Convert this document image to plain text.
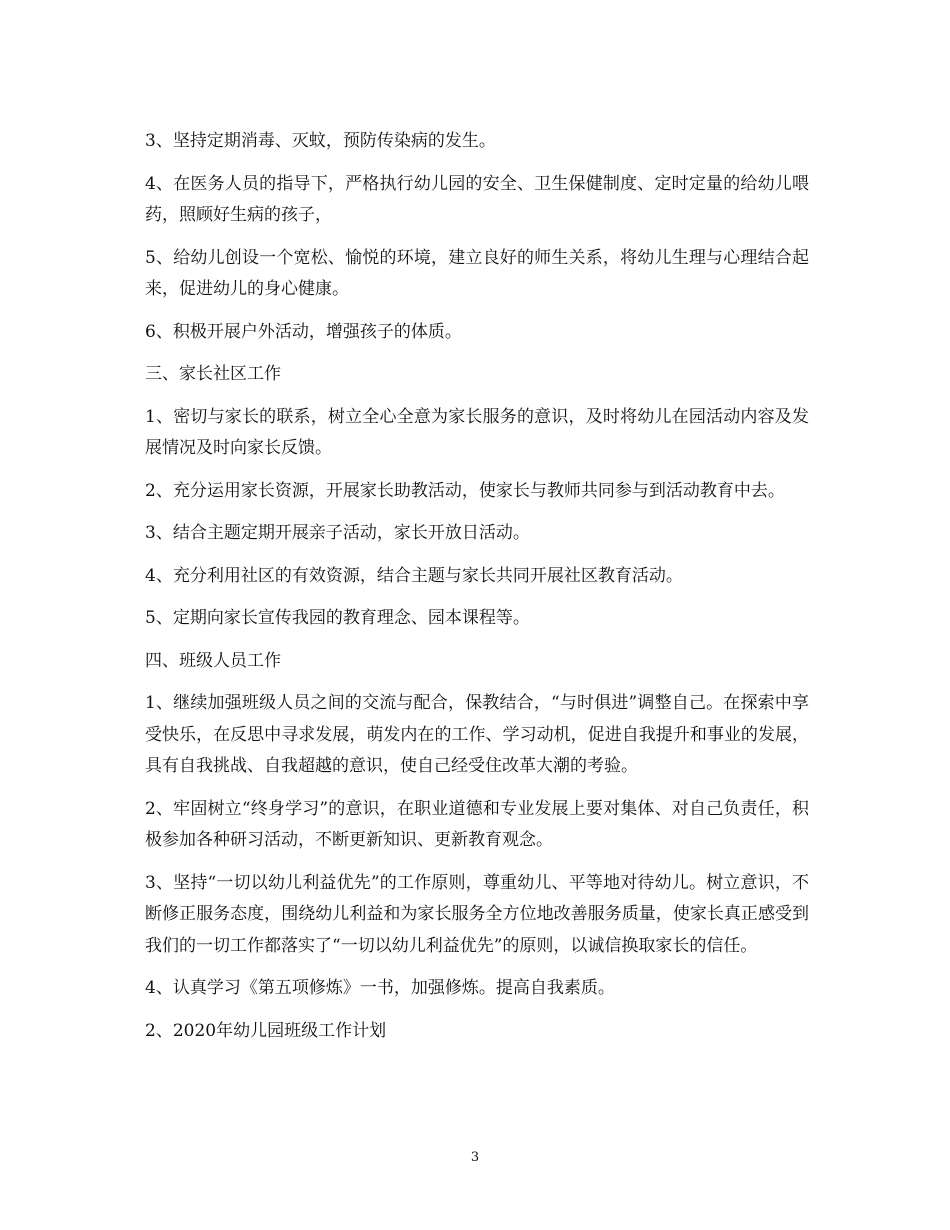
3、坚持定期消毒、灭蚊，预防传染病的发生。

4、在医务人员的指导下，严格执行幼儿园的安全、卫生保健制度、定时定量的给幼儿喂药，照顾好生病的孩子，

5、给幼儿创设一个宽松、愉悦的环境，建立良好的师生关系，将幼儿生理与心理结合起来，促进幼儿的身心健康。

6、积极开展户外活动，增强孩子的体质。

三、家长社区工作

1、密切与家长的联系，树立全心全意为家长服务的意识，及时将幼儿在园活动内容及发展情况及时向家长反馈。

2、充分运用家长资源，开展家长助教活动，使家长与教师共同参与到活动教育中去。

3、结合主题定期开展亲子活动，家长开放日活动。

4、充分利用社区的有效资源，结合主题与家长共同开展社区教育活动。

5、定期向家长宣传我园的教育理念、园本课程等。

四、班级人员工作

1、继续加强班级人员之间的交流与配合，保教结合，“与时俱进”调整自己。在探索中享受快乐，在反思中寻求发展，萌发内在的工作、学习动机，促进自我提升和事业的发展，具有自我挑战、自我超越的意识，使自己经受住改革大潮的考验。

2、牢固树立“终身学习”的意识，在职业道德和专业发展上要对集体、对自己负责任，积极参加各种研习活动，不断更新知识、更新教育观念。

3、坚持“一切以幼儿利益优先”的工作原则，尊重幼儿、平等地对待幼儿。树立意识，不断修正服务态度，围绕幼儿利益和为家长服务全方位地改善服务质量，使家长真正感受到我们的一切工作都落实了“一切以幼儿利益优先”的原则，以诚信换取家长的信任。

4、认真学习《第五项修炼》一书，加强修炼。提高自我素质。

2、2020年幼儿园班级工作计划

3
